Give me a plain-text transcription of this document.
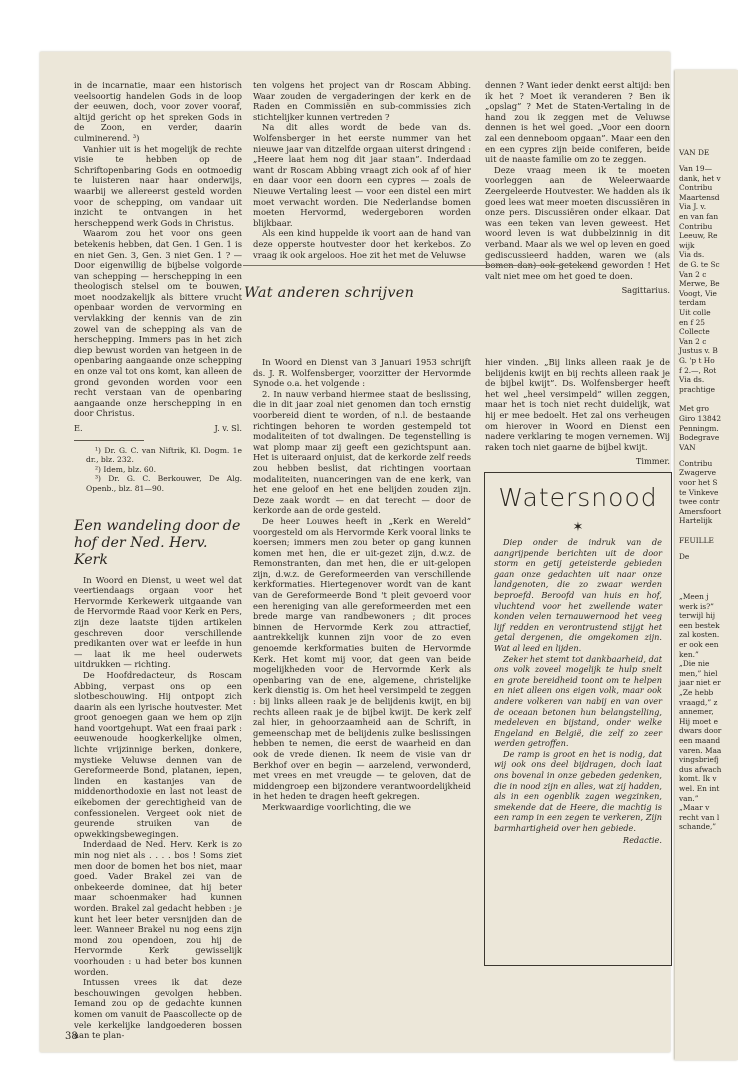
VAN DE
Van 19—
dank, het v
Contribu
Maartensd
Via J. v.
en van fan
Contribu
Leeuw, Re
wijk
Via ds.
de G. te Sc
Van 2 c
Merwe, Be
Voogt, Vie
terdam
Uit colle
en f 25
Collecte
Van 2 c
Justus v. B
G. 'p t Ho
f 2.—, Rot
Via ds.
prachtige
Met gro
Giro 13842
Penningm.
Bodegrave
VAN
Contribu
Zwagerve
voor het S
te Vinkeve
twee contr
Amersfoort
Hartelijk
FEUILLE
De
„Meen j
werk is?”
terwijl hij
een bestek
zal kosten.
er ook een
ken.”
„Die nie
men,” hiel
jaar niet er
„Ze hebb
vraagd,” z
annemer,
Hij moet e
dwars door
een maand
varen. Maa
vingsbriefj
dus afwach
komt. Ik v
wel. En int
van.”
„Maar v
recht van l
schande,”

in de incarnatie, maar een historisch veelsoortig handelen Gods in de loop der eeuwen, doch, voor zover vooraf, altijd gericht op het spreken Gods in de Zoon, en verder, daarin culminerend. ³)

Vanhier uit is het mogelijk de rechte visie te hebben op de Schriftopenbaring Gods en ootmoedig te luisteren naar haar onderwijs, waarbij we allereerst gesteld worden voor de schepping, om vandaar uit inzicht te ontvangen in het herscheppend werk Gods in Christus.

Waarom zou het voor ons geen betekenis hebben, dat Gen. 1 Gen. 1 is en niet Gen. 3, Gen. 3 niet Gen. 1 ? — Door eigenwillig de bijbelse volgorde van schepping — herschepping in een theologisch stelsel om te bouwen, moet noodzakelijk als bittere vrucht openbaar worden de vervorming en vervlakking der kennis van de zin zowel van de schepping als van de herschepping. Immers pas in het zich diep bewust worden van hetgeen in de openbaring aangaande onze schepping en onze val tot ons komt, kan alleen de grond gevonden worden voor een recht verstaan van de openbaring aangaande onze herschepping in en door Christus.

E.	J. v. Sl.

¹) Dr. G. C. van Niftrik, Kl. Dogm. 1e dr., blz. 232.

²) Idem, blz. 60.

³) Dr. G. C. Berkouwer, De Alg. Openb., blz. 81—90.

Een wandeling door de hof der Ned. Herv. Kerk

In Woord en Dienst, u weet wel dat veertiendaags orgaan voor het Hervormde Kerkewerk uitgaande van de Hervormde Raad voor Kerk en Pers, zijn deze laatste tijden artikelen geschreven door verschillende predikanten over wat er leefde in hun — laat ik me heel ouderwets uitdrukken — richting.

De Hoofdredacteur, ds Roscam Abbing, verpast ons op een slotbeschouwing. Hij ontpopt zich daarin als een lyrische houtvester. Met groot genoegen gaan we hem op zijn hand voortgehupt. Wat een fraai park : eeuwenoude hoogkerkelijke olmen, lichte vrijzinnige berken, donkere, mystieke Veluwse dennen van de Gereformeerde Bond, platanen, iepen, linden en kastanjes van de middenorthodoxie en last not least de eikebomen der gerechtigheid van de confessionelen. Vergeet ook niet de geurende struiken van de opwekkingsbewegingen.

Inderdaad de Ned. Herv. Kerk is zo min nog niet als . . . . bos ! Soms ziet men door de bomen het bos niet, maar goed. Vader Brakel zei van de onbekeerde dominee, dat hij beter maar schoenmaker had kunnen worden. Brakel zal gedacht hebben : je kunt het leer beter versnijden dan de leer. Wanneer Brakel nu nog eens zijn mond zou opendoen, zou hij de Hervormde Kerk gewisselijk voorhouden : u had beter bos kunnen worden.

Intussen vrees ik dat deze beschouwingen gevolgen hebben. Iemand zou op de gedachte kunnen komen om vanuit de Paascollecte op de vele kerkelijke landgoederen bossen aan te plan-

ten volgens het project van dr Roscam Abbing. Waar zouden de vergaderingen der kerk en de Raden en Commissiën en sub-commissies zich stichtelijker kunnen vertreden ?

Na dit alles wordt de bede van ds. Wolfensberger in het eerste nummer van het nieuwe jaar van ditzelfde orgaan uiterst dringend : „Heere laat hem nog dit jaar staan”. Inderdaad want dr Roscam Abbing vraagt zich ook af of hier en daar voor een doorn een cypres — zoals de Nieuwe Vertaling leest — voor een distel een mirt moet verwacht worden. Die Nederlandse bomen moeten Hervormd, wedergeboren worden blijkbaar.

Als een kind huppelde ik voort aan de hand van deze opperste houtvester door het kerkebos. Zo vraag ik ook argeloos. Hoe zit het met de Veluwse

dennen ? Want ieder denkt eerst altijd: ben ik het ? Moet ik veranderen ? Ben ik „opslag” ? Met de Staten-Vertaling in de hand zou ik zeggen met de Veluwse dennen is het wel goed. „Voor een doorn zal een denneboom opgaan”. Maar een den en een cypres zijn beide coniferen, beide uit de naaste familie om zo te zeggen.

Deze vraag meen ik te moeten voorleggen aan de Weleerwaarde Zeergeleerde Houtvester. We hadden als ik goed lees wat meer moeten discussiëren in onze pers. Discussiëren onder elkaar. Dat was een teken van leven geweest. Het woord leven is wat dubbelzinnig in dit verband. Maar als we wel op leven en goed gediscussieerd hadden, waren we (als bomen dan) ook getekend geworden ! Het valt niet mee om het goed te doen.

Sagittarius.
Wat anderen schrijven

In Woord en Dienst van 3 Januari 1953 schrijft ds. J. R. Wolfensberger, voorzitter der Hervormde Synode o.a. het volgende :

2. In nauw verband hiermee staat de beslissing, die in dit jaar zoal niet genomen dan toch ernstig voorbereid dient te worden, of n.l. de bestaande richtingen behoren te worden gestempeld tot modaliteiten of tot dwalingen. De tegenstelling is wat plomp maar zij geeft een gezichtspunt aan. Het is uiteraard onjuist, dat de kerkorde zelf reeds zou hebben beslist, dat richtingen voortaan modaliteiten, nuanceringen van de ene kerk, van het ene geloof en het ene belijden zouden zijn. Deze zaak wordt — en dat terecht — door de kerkorde aan de orde gesteld.

De heer Louwes heeft in „Kerk en Wereld” voorgesteld om als Hervormde Kerk vooral links te koersen; immers men zou beter op gang kunnen komen met hen, die er uit-gezet zijn, d.w.z. de Remonstranten, dan met hen, die er uit-gelopen zijn, d.w.z. de Gereformeerden van verschillende kerkformaties. Hiertegenover wordt van de kant van de Gereformeerde Bond 't pleit gevoerd voor een hereniging van alle gereformeerden met een brede marge van randbewoners ; dit proces binnen de Hervormde Kerk zou attractief, aantrekkelijk kunnen zijn voor de zo even genoemde kerkformaties buiten de Hervormde Kerk. Het komt mij voor, dat geen van beide mogelijkheden voor de Hervormde Kerk als openbaring van de ene, algemene, christelijke kerk dienstig is. Om het heel versimpeld te zeggen : bij links alleen raak je de belijdenis kwijt, en bij rechts alleen raak je de bijbel kwijt. De kerk zelf zal hier, in gehoorzaamheid aan de Schrift, in gemeenschap met de belijdenis zulke beslissingen hebben te nemen, die eerst de waarheid en dan ook de vrede dienen. Ik neem de visie van dr Berkhof over en begin — aarzelend, verwonderd, met vrees en met vreugde — te geloven, dat de middengroep een bijzondere verantwoordelijkheid in het heden te dragen heeft gekregen.

Merkwaardige voorlichting, die we

hier vinden. „Bij links alleen raak je de belijdenis kwijt en bij rechts alleen raak je de bijbel kwijt”. Ds. Wolfensberger heeft het wel „heel versimpeld” willen zeggen, maar het is toch niet recht duidelijk, wat hij er mee bedoelt. Het zal ons verheugen om hierover in Woord en Dienst een nadere verklaring te mogen vernemen. Wij raken toch niet gaarne de bijbel kwijt.

Timmer.
Watersnood
✶

Diep onder de indruk van de aangrijpende berichten uit de door storm en getij geteisterde gebieden gaan onze gedachten uit naar onze landgenoten, die zo zwaar werden beproefd. Beroofd van huis en hof, vluchtend voor het zwellende water konden velen ternauwernood het veeg lijf redden en verontrustend stijgt het getal dergenen, die omgekomen zijn. Wat al leed en lijden.

Zeker het stemt tot dankbaarheid, dat ons volk zoveel mogelijk te hulp snelt en grote bereidheid toont om te helpen en niet alleen ons eigen volk, maar ook andere volkeren van nabij en van over de oceaan betonen hun belangstelling, medeleven en bijstand, onder welke Engeland en België, die zelf zo zeer werden getroffen.

De ramp is groot en het is nodig, dat wij ook ons deel bijdragen, doch laat ons bovenal in onze gebeden gedenken, die in nood zijn en alles, wat zij hadden, als in een ogenblik zagen wegzinken, smekende dat de Heere, die machtig is een ramp in een zegen te verkeren, Zijn barmhartigheid over hen gebiede.

Redactie.
38
